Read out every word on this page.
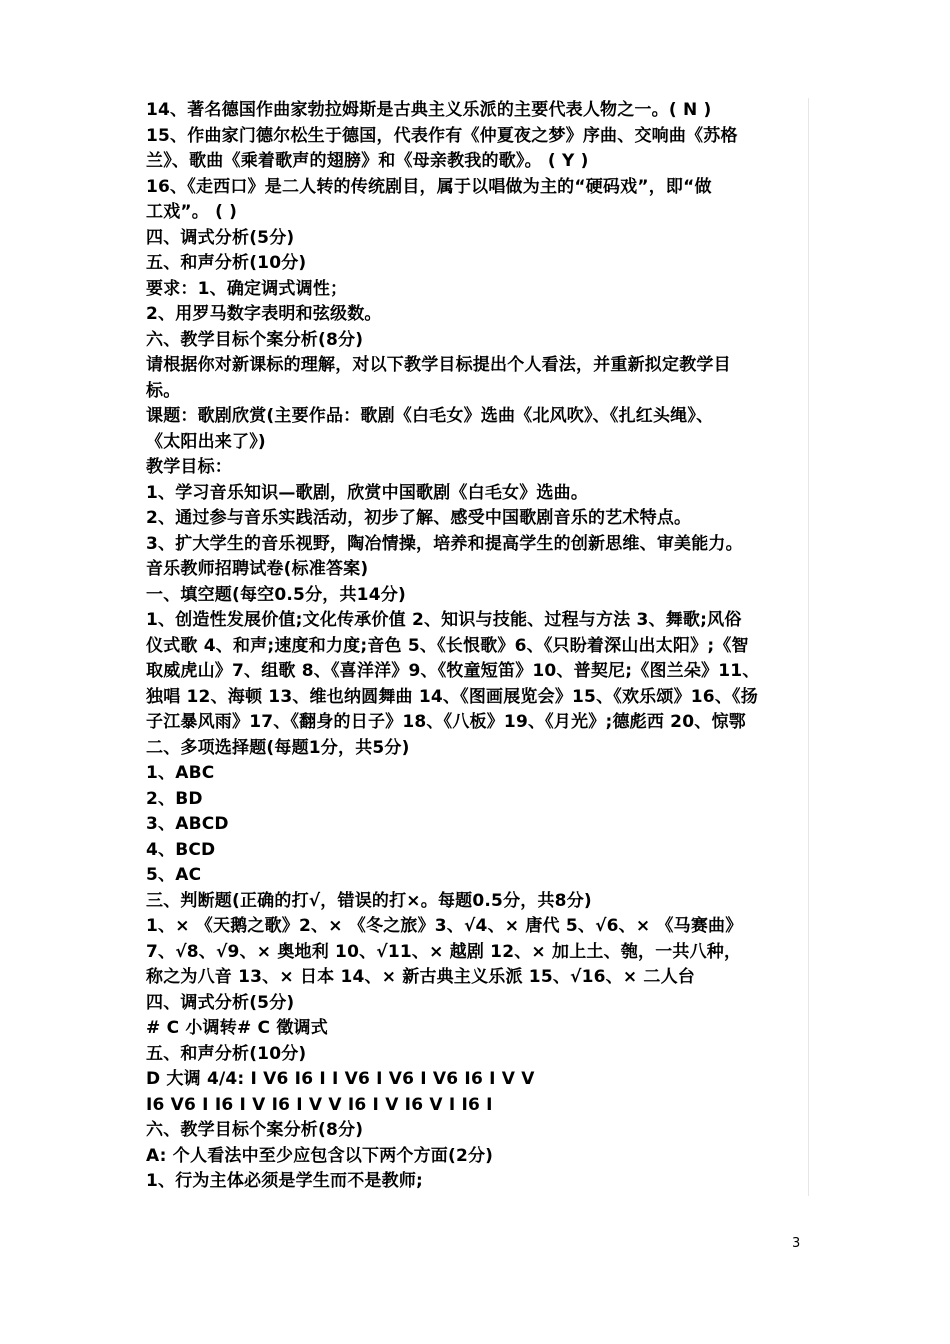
14、著名德国作曲家勃拉姆斯是古典主义乐派的主要代表人物之一。( N )
15、作曲家门德尔松生于德国，代表作有《仲夏夜之梦》序曲、交响曲《苏格
兰》、歌曲《乘着歌声的翅膀》和《母亲教我的歌》。 ( Y )
16、《走西口》是二人转的传统剧目，属于以唱做为主的“硬码戏”，即“做
工戏”。 ( )
四、调式分析(5分)
五、和声分析(10分)
要求：1、确定调式调性；
2、用罗马数字表明和弦级数。
六、教学目标个案分析(8分)
请根据你对新课标的理解，对以下教学目标提出个人看法，并重新拟定教学目
标。
课题：歌剧欣赏(主要作品：歌剧《白毛女》选曲《北风吹》、《扎红头绳》、
《太阳出来了》)
教学目标：
1、学习音乐知识—歌剧，欣赏中国歌剧《白毛女》选曲。
2、通过参与音乐实践活动，初步了解、感受中国歌剧音乐的艺术特点。
3、扩大学生的音乐视野，陶冶情操，培养和提高学生的创新思维、审美能力。
音乐教师招聘试卷(标准答案)
一、填空题(每空0.5分，共14分)
1、创造性发展价值;文化传承价值 2、知识与技能、过程与方法 3、舞歌;风俗
仪式歌 4、和声;速度和力度;音色 5、《长恨歌》6、《只盼着深山出太阳》;《智
取威虎山》7、组歌 8、《喜洋洋》9、《牧童短笛》10、普契尼;《图兰朵》11、
独唱 12、海顿 13、维也纳圆舞曲 14、《图画展览会》15、《欢乐颂》16、《扬
子江暴风雨》17、《翻身的日子》18、《八板》19、《月光》;德彪西 20、惊鄂
二、多项选择题(每题1分，共5分)
1、ABC
2、BD
3、ABCD
4、BCD
5、AC
三、判断题(正确的打√，错误的打×。每题0.5分，共8分)
1、× 《天鹅之歌》2、× 《冬之旅》3、√4、× 唐代 5、√6、× 《马赛曲》
7、√8、√9、× 奥地利 10、√11、× 越剧 12、× 加上土、匏，一共八种，
称之为八音 13、× 日本 14、× 新古典主义乐派 15、√16、× 二人台
四、调式分析(5分)
# C 小调转# C 徵调式
五、和声分析(10分)
D 大调 4/4: I V6 I6 I I V6 I V6 I V6 I6 I V V
I6 V6 I I6 I V I6 I V V I6 I V I6 V I I6 I
六、教学目标个案分析(8分)
A: 个人看法中至少应包含以下两个方面(2分)
1、行为主体必须是学生而不是教师;
3
